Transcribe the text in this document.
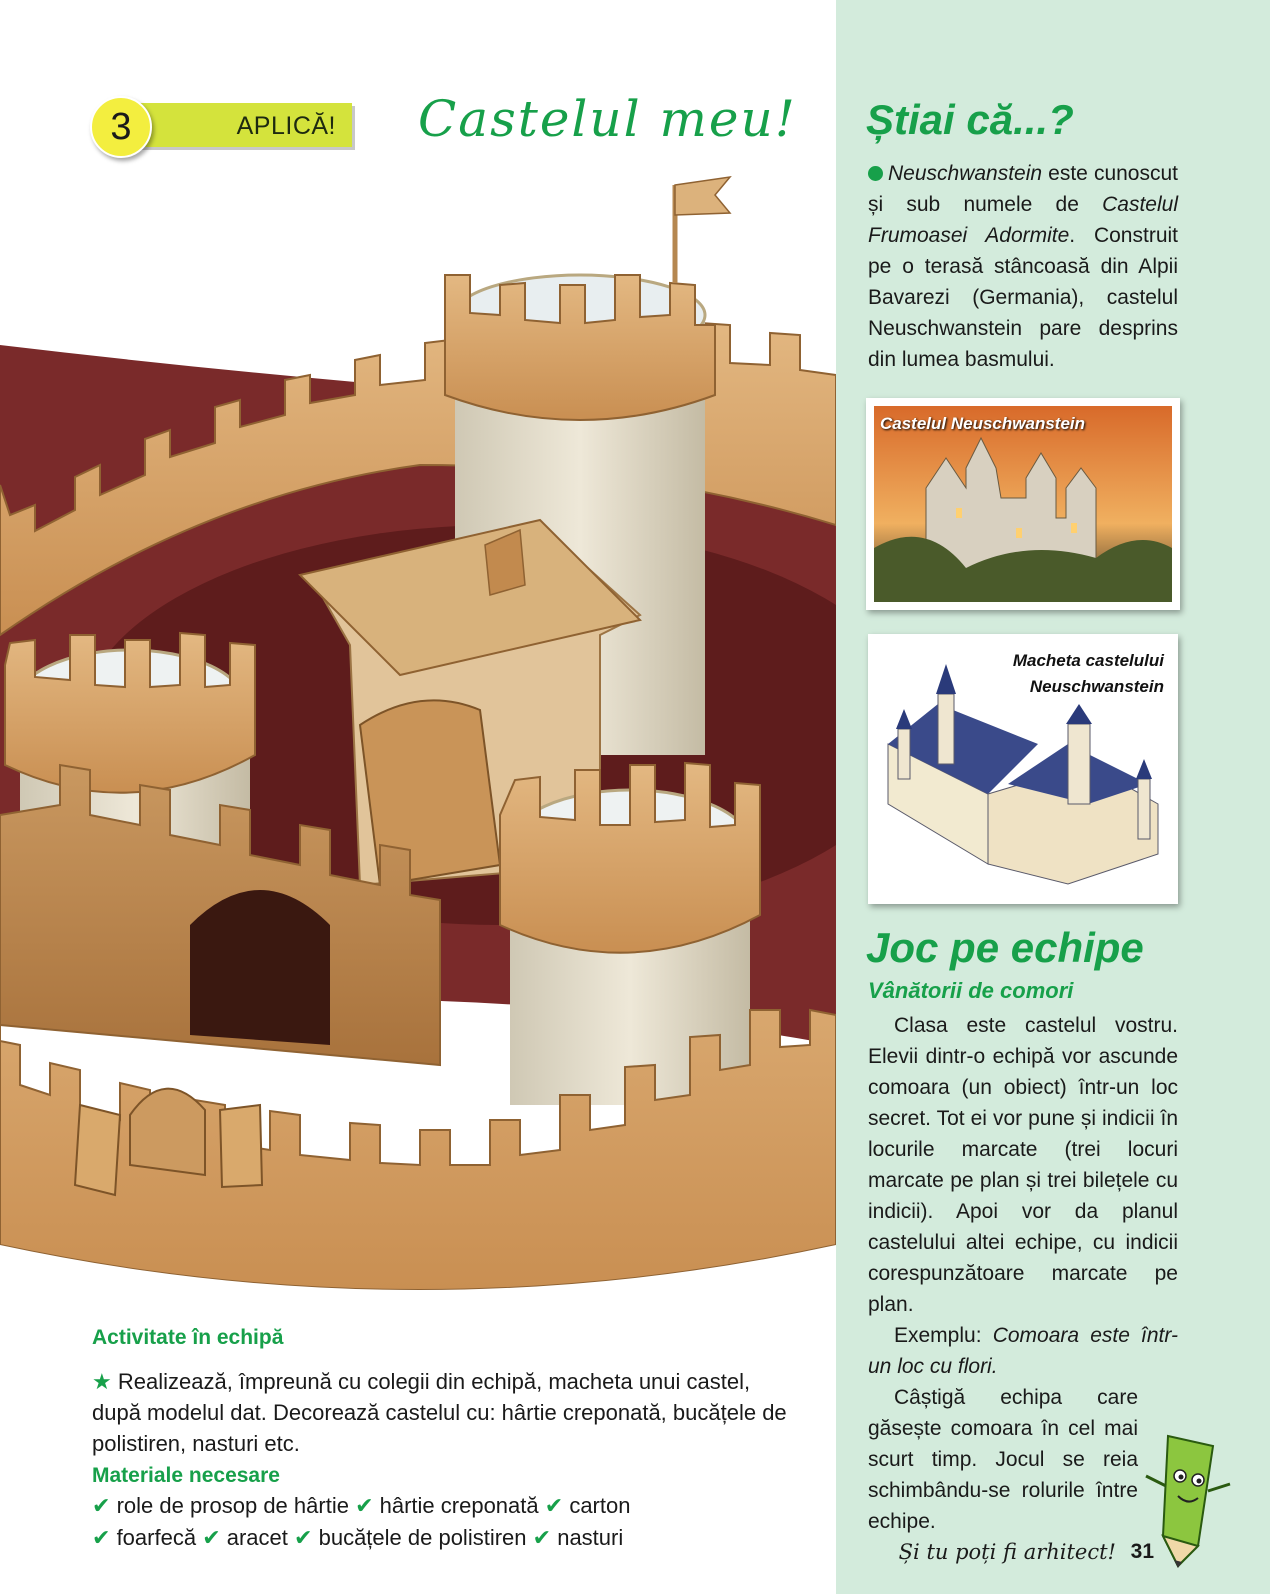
APLICĂ!
3	Castelul meu!
Activitate în echipă
★ Realizează, împreună cu colegii din echipă, macheta unui castel, după modelul dat. Decorează castelul cu: hârtie creponată, bucățele de polistiren, nasturi etc.
Materiale necesare
✔ role de prosop de hârtie ✔ hârtie creponată ✔ carton
✔ foarfecă ✔ aracet ✔ bucățele de polistiren ✔ nasturi
Știai că...?
Neuschwanstein este cunoscut și sub numele de Castelul Frumoasei Adormite. Construit pe o terasă stâncoasă din Alpii Bavarezi (Germania), castelul Neuschwanstein pare desprins din lumea basmului.
Castelul Neuschwanstein
Macheta castelului
Neuschwanstein
Joc pe echipe
Vânătorii de comori

Clasa este castelul vostru. Elevii dintr-o echipă vor ascunde comoara (un obiect) într-un loc secret. Tot ei vor pune și indicii în locurile marcate (trei locuri marcate pe plan și trei bilețele cu indicii). Apoi vor da planul castelului altei echipe, cu indicii corespunzătoare marcate pe plan.

Exemplu: Comoara este într-un loc cu flori.

Câștigă echipa care găsește comoara în cel mai scurt timp. Jocul se reia schimbându-se rolurile între echipe.

Și tu poți fi arhitect! 31
